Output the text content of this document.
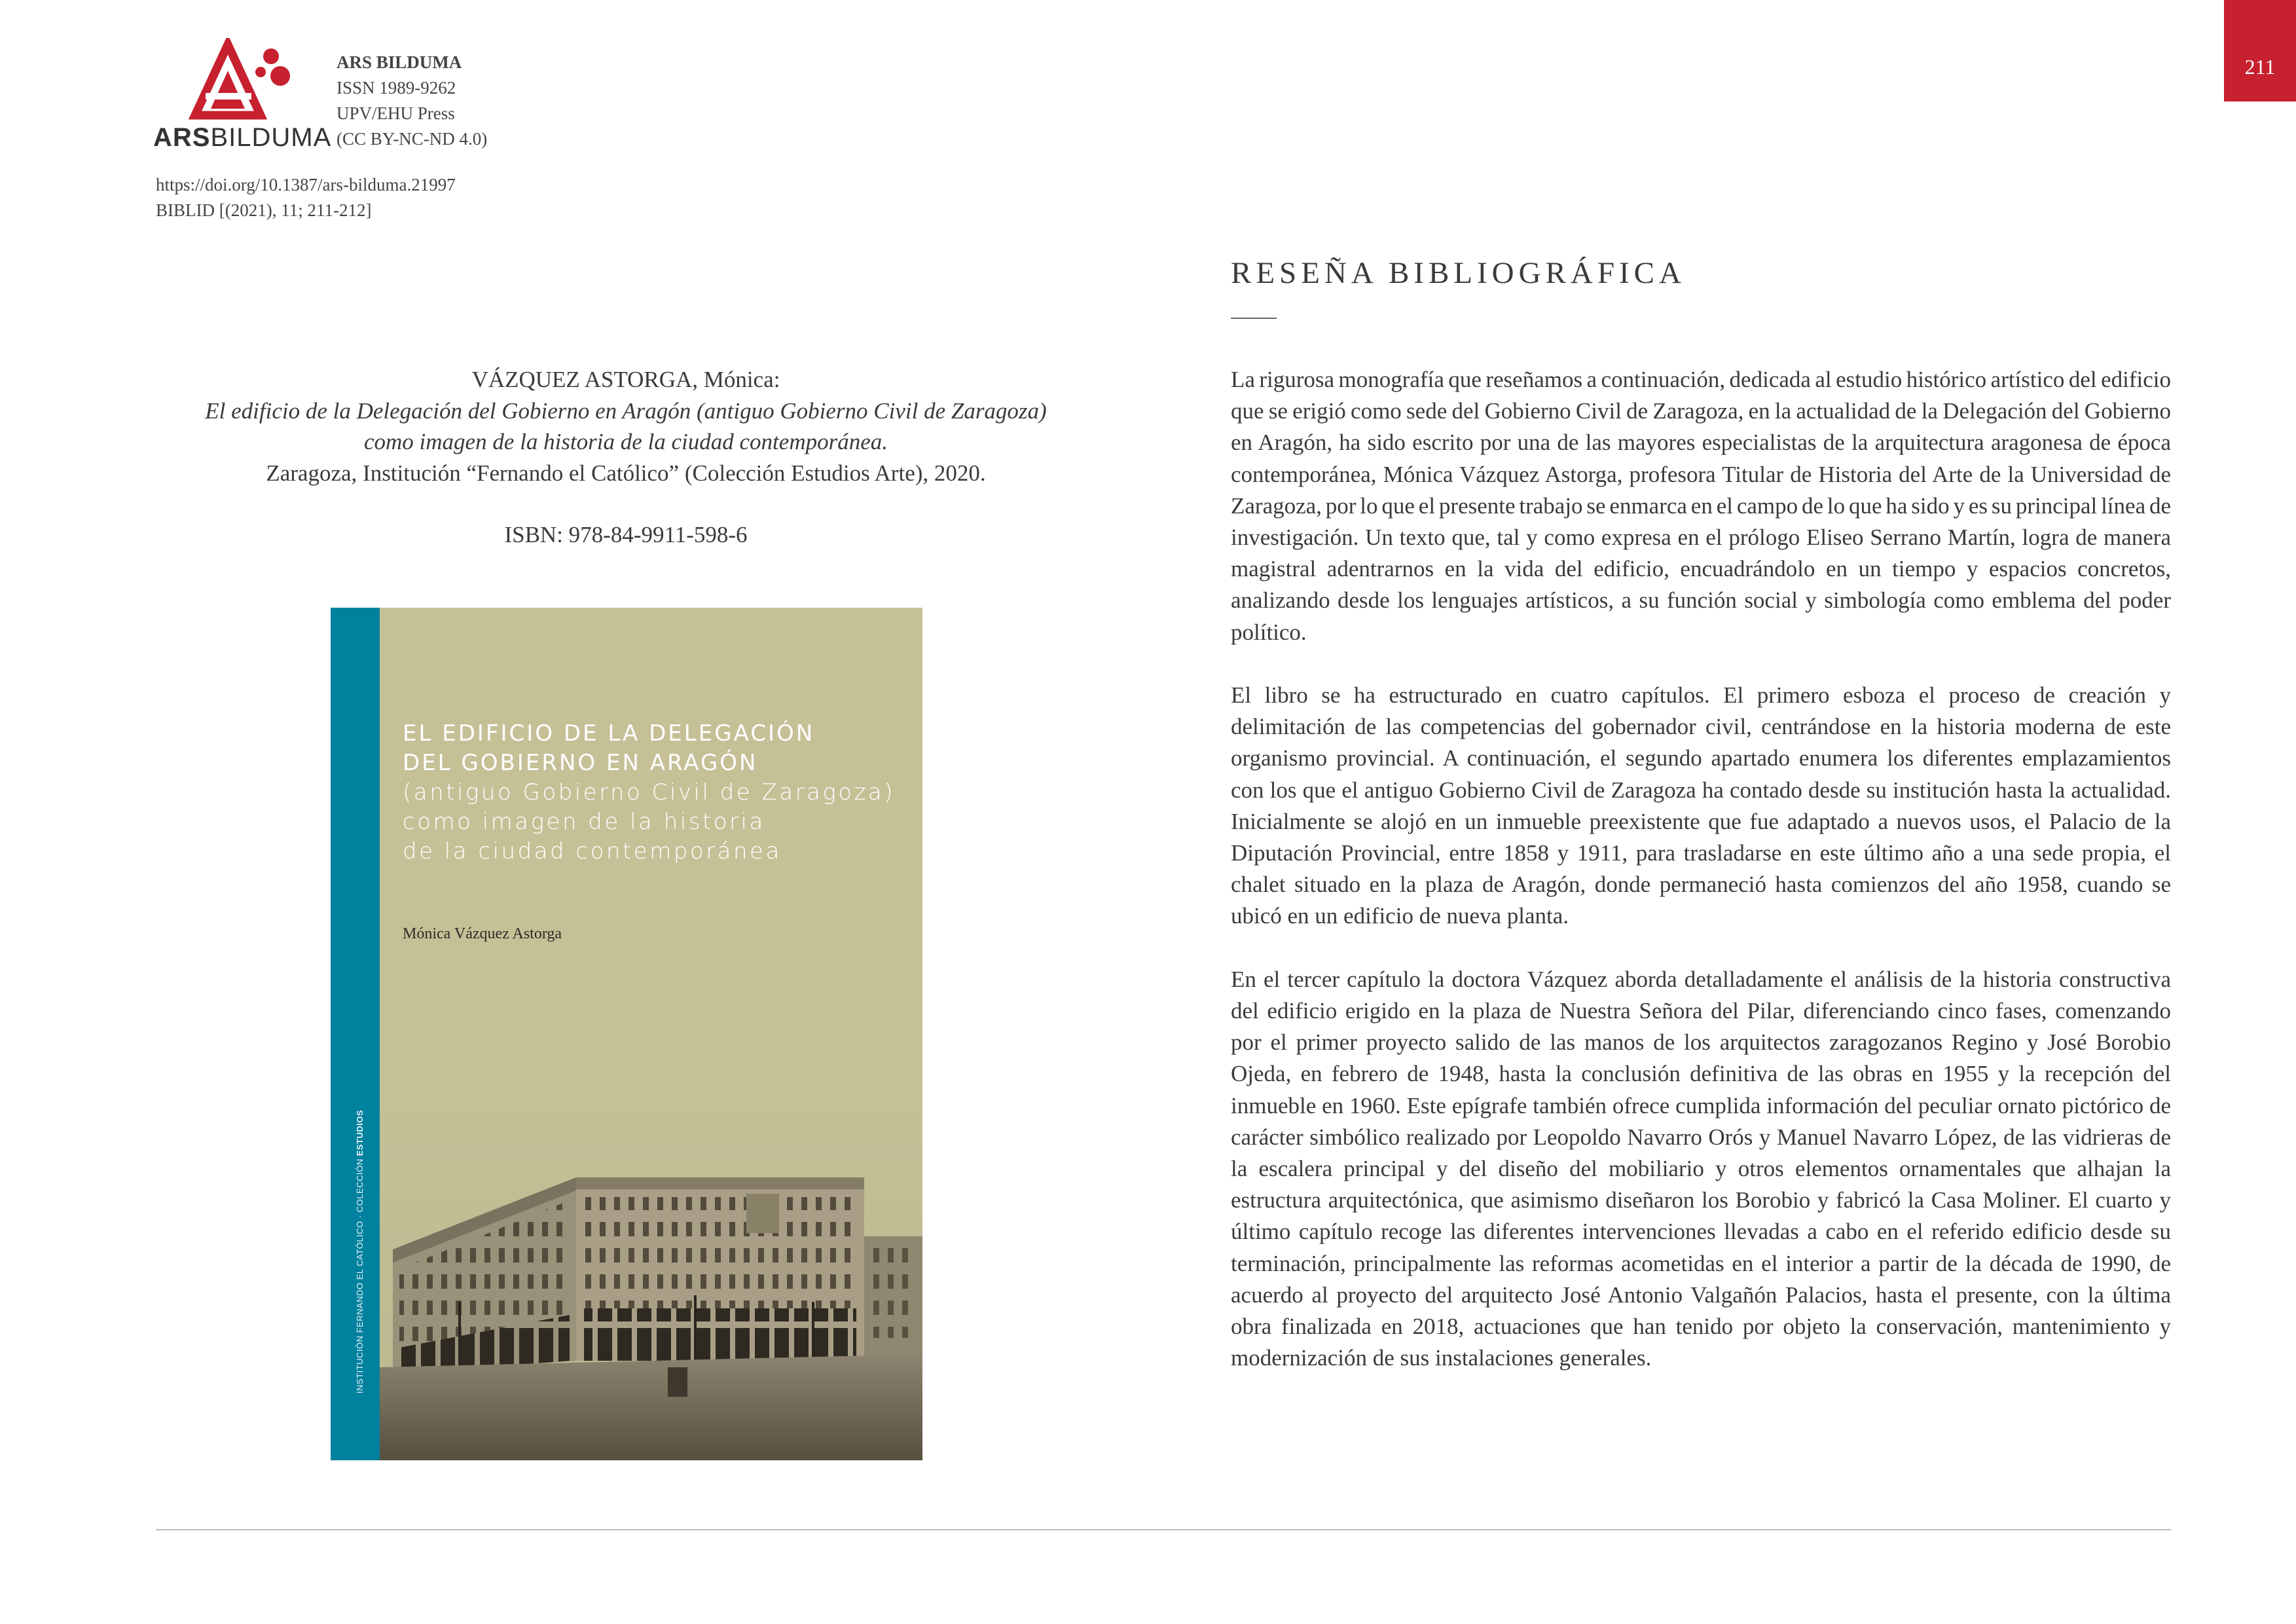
ARSBILDUMA
ARS BILDUMA
ISSN 1989-9262
UPV/EHU Press
(CC BY-NC-ND 4.0)
https://doi.org/10.1387/ars-bilduma.21997
BIBLID [(2021), 11; 211-212]
211
RESEÑA BIBLIOGRÁFICA
VÁZQUEZ ASTORGA, Mónica:
El edificio de la Delegación del Gobierno en Aragón (antiguo Gobierno Civil de Zaragoza)
como imagen de la historia de la ciudad contemporánea.
Zaragoza, Institución “Fernando el Católico” (Colección Estudios Arte), 2020.
ISBN: 978-84-9911-598-6
INSTITUCIÓN FERNANDO EL CATÓLICO · COLECCIÓN ESTUDIOS
EL EDIFICIO DE LA DELEGACIÓN
DEL GOBIERNO EN ARAGÓN
(antiguo Gobierno Civil de Zaragoza)
como imagen de la historia
de la ciudad contemporánea
Mónica Vázquez Astorga

La rigurosa monografía que reseñamos a continuación, dedicada al estudio histórico artístico del edificio que se erigió como sede del Gobierno Civil de Zaragoza, en la actualidad de la Delegación del Gobierno en Aragón, ha sido escrito por una de las mayores especialistas de la arquitectura aragonesa de época contemporánea, Mónica Vázquez Astorga, profesora Titular de Historia del Arte de la Universidad de Zaragoza, por lo que el presente trabajo se enmarca en el campo de lo que ha sido y es su principal línea de investigación. Un texto que, tal y como expresa en el prólogo Eliseo Serrano Martín, logra de manera magistral adentrarnos en la vida del edificio, encuadrándolo en un tiempo y espacios concretos, analizando desde los lenguajes artísticos, a su función social y simbología como emblema del poder político.

El libro se ha estructurado en cuatro capítulos. El primero esboza el proceso de creación y delimitación de las competencias del gobernador civil, centrándose en la historia moderna de este organismo provincial. A continuación, el segundo apartado enumera los diferentes emplazamientos con los que el antiguo Gobierno Civil de Zaragoza ha contado desde su institución hasta la actualidad. Inicialmente se alojó en un inmueble preexistente que fue adaptado a nuevos usos, el Palacio de la Diputación Provincial, entre 1858 y 1911, para trasladarse en este último año a una sede propia, el chalet situado en la plaza de Aragón, donde permaneció hasta comienzos del año 1958, cuando se ubicó en un edificio de nueva planta.

En el tercer capítulo la doctora Vázquez aborda detalladamente el análisis de la historia constructiva del edificio erigido en la plaza de Nuestra Señora del Pilar, diferenciando cinco fases, comenzando por el primer proyecto salido de las manos de los arquitectos zaragozanos Regino y José Borobio Ojeda, en febrero de 1948, hasta la conclusión definitiva de las obras en 1955 y la recepción del inmueble en 1960. Este epígrafe también ofrece cumplida información del peculiar ornato pictórico de carácter simbólico realizado por Leopoldo Navarro Orós y Manuel Navarro López, de las vidrieras de la escalera principal y del diseño del mobiliario y otros elementos ornamentales que alhajan la estructura arquitectónica, que asimismo diseñaron los Borobio y fabricó la Casa Moliner. El cuarto y último capítulo recoge las diferentes intervenciones llevadas a cabo en el referido edificio desde su terminación, principalmente las reformas acometidas en el interior a partir de la década de 1990, de acuerdo al proyecto del arquitecto José Antonio Valgañón Palacios, hasta el presente, con la última obra finalizada en 2018, actuaciones que han tenido por objeto la conservación, mantenimiento y modernización de sus instalaciones generales.
